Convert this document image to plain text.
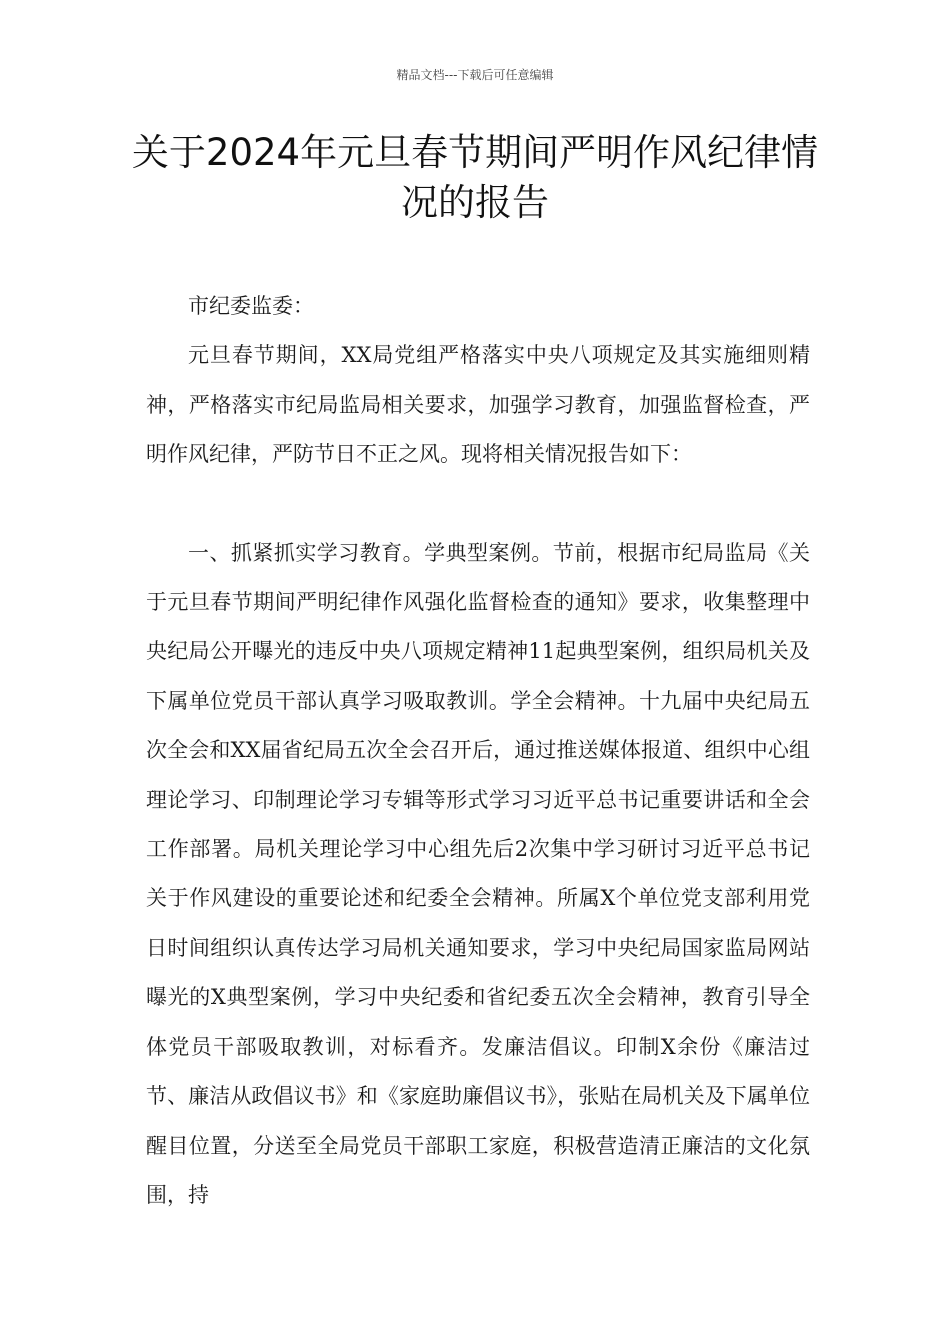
精品文档---下载后可任意编辑
关于2024年元旦春节期间严明作风纪律情况的报告

市纪委监委：

元旦春节期间，XX局党组严格落实中央八项规定及其实施细则精神，严格落实市纪局监局相关要求，加强学习教育，加强监督检查，严明作风纪律，严防节日不正之风。现将相关情况报告如下：

一、抓紧抓实学习教育。学典型案例。节前，根据市纪局监局《关于元旦春节期间严明纪律作风强化监督检查的通知》要求，收集整理中央纪局公开曝光的违反中央八项规定精神11起典型案例，组织局机关及下属单位党员干部认真学习吸取教训。学全会精神。十九届中央纪局五次全会和XX届省纪局五次全会召开后，通过推送媒体报道、组织中心组理论学习、印制理论学习专辑等形式学习习近平总书记重要讲话和全会工作部署。局机关理论学习中心组先后2次集中学习研讨习近平总书记关于作风建设的重要论述和纪委全会精神。所属X个单位党支部利用党日时间组织认真传达学习局机关通知要求，学习中央纪局国家监局网站曝光的X典型案例，学习中央纪委和省纪委五次全会精神，教育引导全体党员干部吸取教训，对标看齐。发廉洁倡议。印制X余份《廉洁过节、廉洁从政倡议书》和《家庭助廉倡议书》，张贴在局机关及下属单位醒目位置，分送至全局党员干部职工家庭，积极营造清正廉洁的文化氛围，持
